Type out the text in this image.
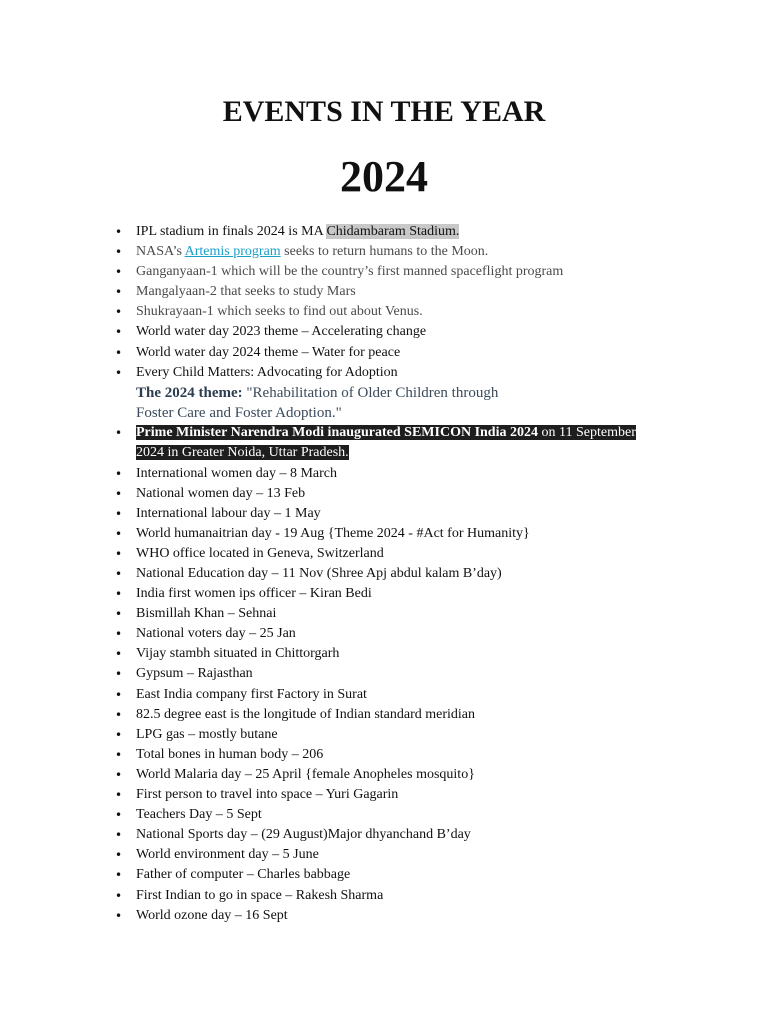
EVENTS IN THE YEAR
2024
• IPL stadium in finals 2024 is MA Chidambaram Stadium.
• NASA’s Artemis program seeks to return humans to the Moon.
• Ganganyaan-1 which will be the country’s first manned spaceflight program
• Mangalyaan-2 that seeks to study Mars
• Shukrayaan-1 which seeks to find out about Venus.
• World water day 2023 theme – Accelerating change
• World water day 2024 theme – Water for peace
• Every Child Matters: Advocating for Adoption
The 2024 theme: "Rehabilitation of Older Children through
Foster Care and Foster Adoption."
• Prime Minister Narendra Modi inaugurated SEMICON India 2024 on 11 September 2024 in Greater Noida, Uttar Pradesh.
• International women day – 8 March
• National women day – 13 Feb
• International labour day – 1 May
• World humanaitrian day - 19 Aug {Theme 2024 - #Act for Humanity}
• WHO office located in Geneva, Switzerland
• National Education day – 11 Nov (Shree Apj abdul kalam B’day)
• India first women ips officer – Kiran Bedi
• Bismillah Khan – Sehnai
• National voters day – 25 Jan
• Vijay stambh situated in Chittorgarh
• Gypsum – Rajasthan
• East India company first Factory in Surat
• 82.5 degree east is the longitude of Indian standard meridian
• LPG gas – mostly butane
• Total bones in human body – 206
• World Malaria day – 25 April {female Anopheles mosquito}
• First person to travel into space – Yuri Gagarin
• Teachers Day – 5 Sept
• National Sports day – (29 August)Major dhyanchand B’day
• World environment day – 5 June
• Father of computer – Charles babbage
• First Indian to go in space – Rakesh Sharma
• World ozone day – 16 Sept
